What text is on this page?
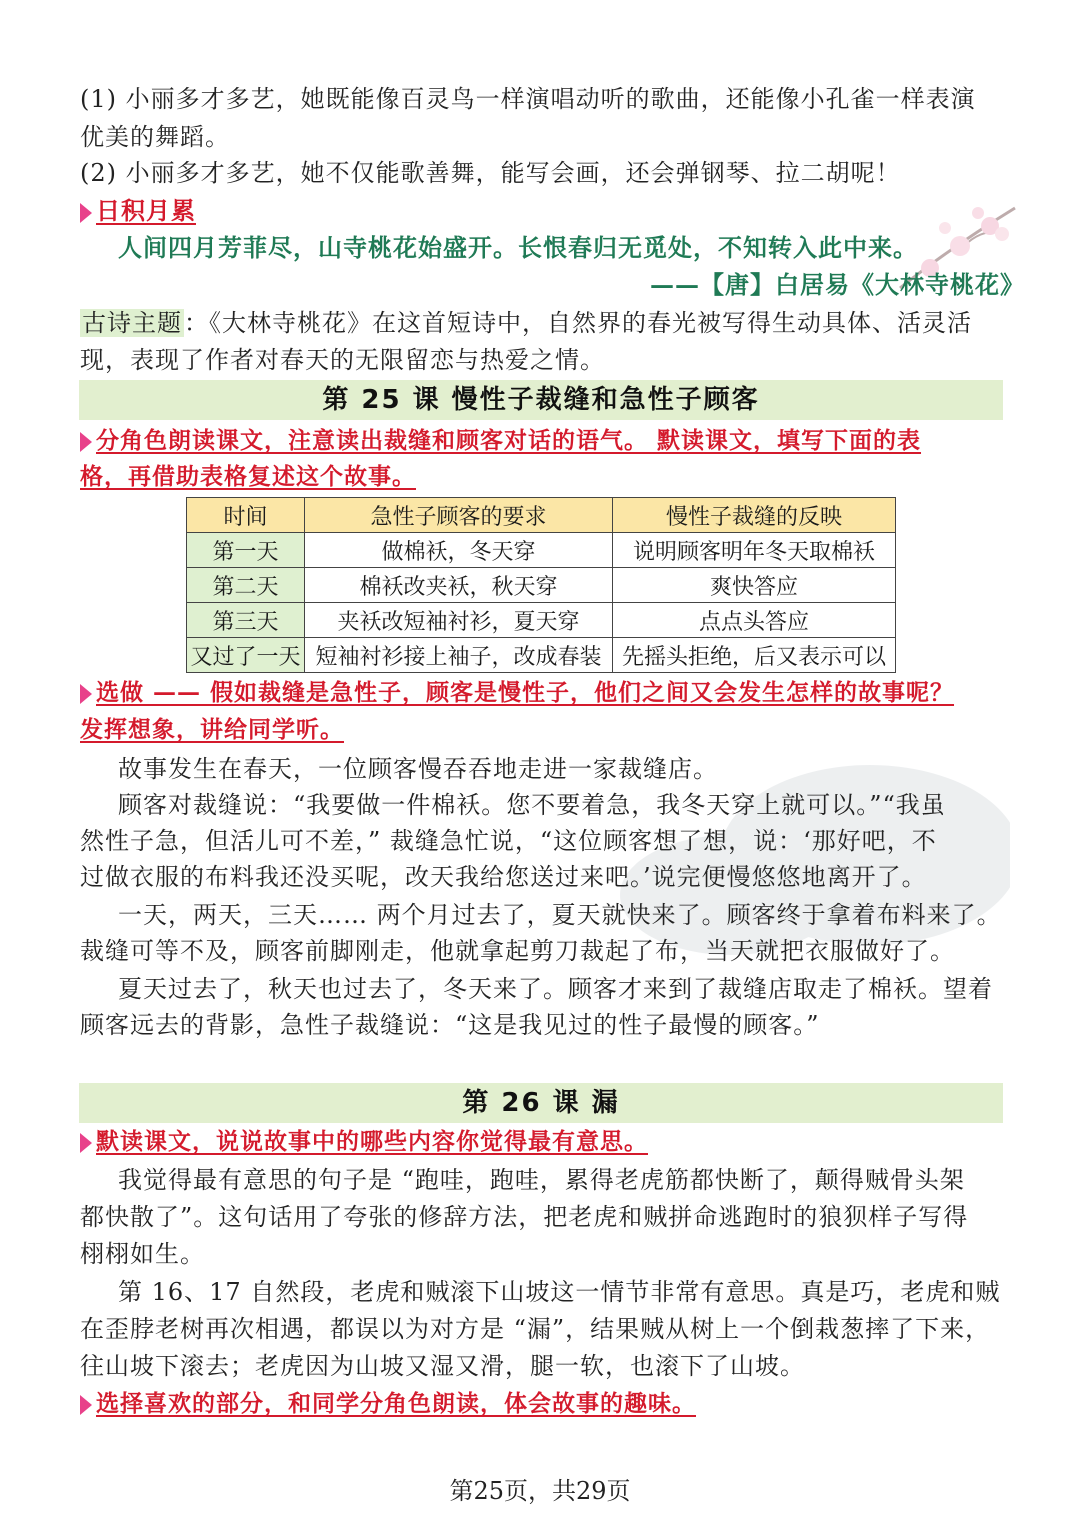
(1) 小丽多才多艺，她既能像百灵鸟一样演唱动听的歌曲，还能像小孔雀一样表演
优美的舞蹈。
(2) 小丽多才多艺，她不仅能歌善舞，能写会画，还会弹钢琴、拉二胡呢！
日积月累
人间四月芳菲尽，山寺桃花始盛开。长恨春归无觅处，不知转入此中来。
——【唐】白居易《大林寺桃花》
古诗主题：《大林寺桃花》在这首短诗中，自然界的春光被写得生动具体、活灵活
现，表现了作者对春天的无限留恋与热爱之情。
第 25 课 慢性子裁缝和急性子顾客
分角色朗读课文，注意读出裁缝和顾客对话的语气。 默读课文，填写下面的表
格，再借助表格复述这个故事。
时间	急性子顾客的要求	慢性子裁缝的反映
第一天	做棉袄，冬天穿	说明顾客明年冬天取棉袄
第二天	棉袄改夹袄，秋天穿	爽快答应
第三天	夹袄改短袖衬衫，夏天穿	点点头答应
又过了一天	短袖衬衫接上袖子，改成春装	先摇头拒绝，后又表示可以
选做 —— 假如裁缝是急性子，顾客是慢性子，他们之间又会发生怎样的故事呢？
发挥想象，讲给同学听。
故事发生在春天，一位顾客慢吞吞地走进一家裁缝店。
顾客对裁缝说：“我要做一件棉袄。您不要着急，我冬天穿上就可以。”“我虽
然性子急，但活儿可不差，” 裁缝急忙说，“这位顾客想了想，说：‘那好吧，不
过做衣服的布料我还没买呢，改天我给您送过来吧。’说完便慢悠悠地离开了。
一天，两天，三天…… 两个月过去了，夏天就快来了。顾客终于拿着布料来了。
裁缝可等不及，顾客前脚刚走，他就拿起剪刀裁起了布，当天就把衣服做好了。
夏天过去了，秋天也过去了，冬天来了。顾客才来到了裁缝店取走了棉袄。望着
顾客远去的背影，急性子裁缝说：“这是我见过的性子最慢的顾客。”
第 26 课 漏
默读课文，说说故事中的哪些内容你觉得最有意思。
我觉得最有意思的句子是 “跑哇，跑哇，累得老虎筋都快断了，颠得贼骨头架
都快散了”。这句话用了夸张的修辞方法，把老虎和贼拼命逃跑时的狼狈样子写得
栩栩如生。
第 16、17 自然段，老虎和贼滚下山坡这一情节非常有意思。真是巧，老虎和贼
在歪脖老树再次相遇，都误以为对方是 “漏”，结果贼从树上一个倒栽葱摔了下来，
往山坡下滚去；老虎因为山坡又湿又滑，腿一软，也滚下了山坡。
选择喜欢的部分，和同学分角色朗读，体会故事的趣味。
第25页，共29页
